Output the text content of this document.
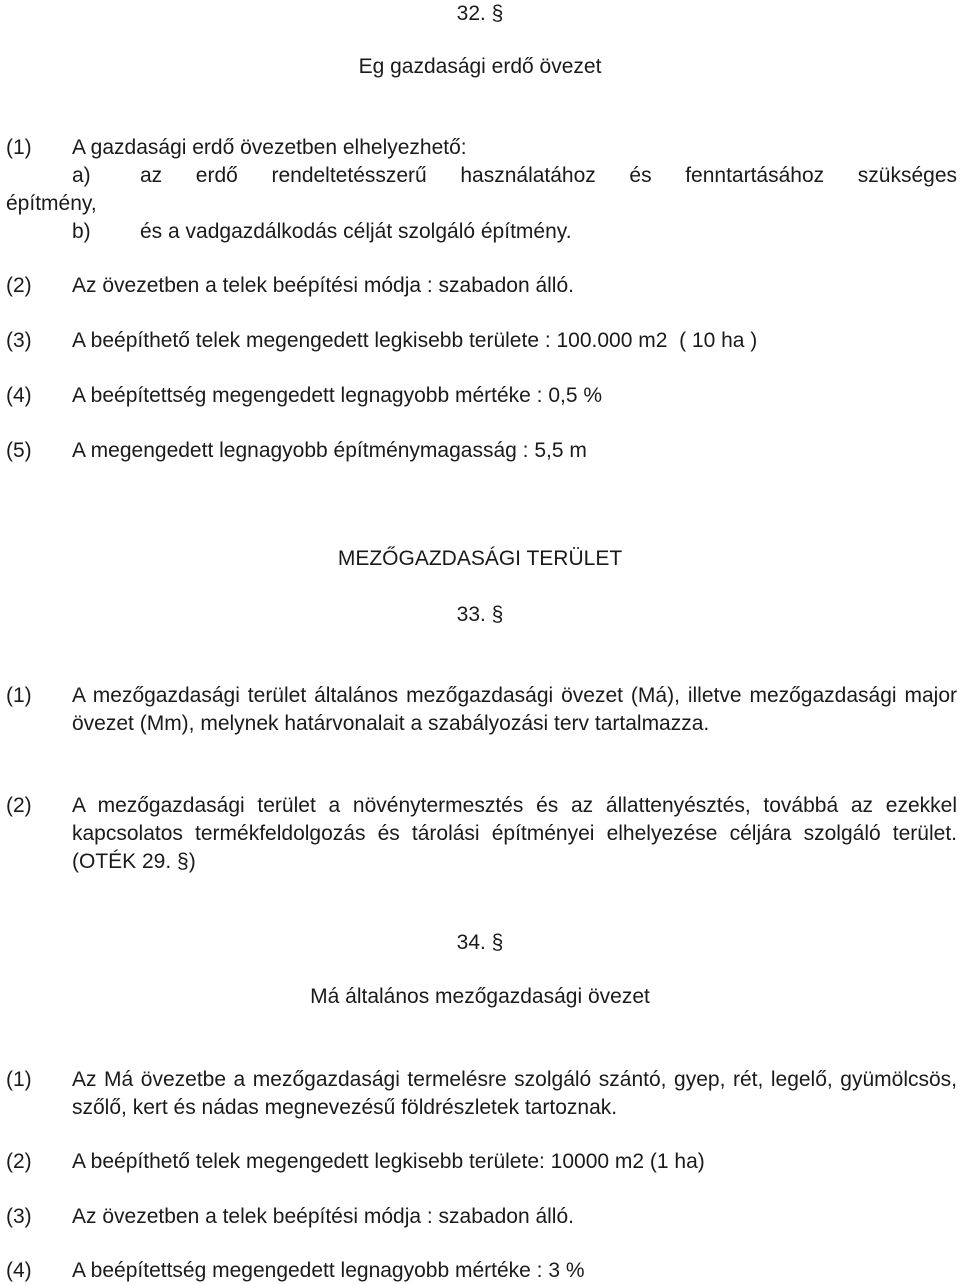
32. §
Eg gazdasági erdő övezet
(1) A gazdasági erdő övezetben elhelyezhető:
a) az erdő rendeltetésszerű használatához és fenntartásához szükséges
építmény,
b) és a vadgazdálkodás célját szolgáló építmény.
(2) Az övezetben a telek beépítési módja : szabadon álló.
(3) A beépíthető telek megengedett legkisebb területe : 100.000 m2  ( 10 ha )
(4) A beépítettség megengedett legnagyobb mértéke : 0,5 %
(5) A megengedett legnagyobb építménymagasság : 5,5 m
MEZŐGAZDASÁGI TERÜLET
33. §
(1) A mezőgazdasági terület általános mezőgazdasági övezet (Má), illetve mezőgazdasági major övezet (Mm), melynek határvonalait a szabályozási terv tartalmazza.
(2) A mezőgazdasági terület a növénytermesztés és az állattenyésztés, továbbá az ezekkel kapcsolatos termékfeldolgozás és tárolási építményei elhelyezése céljára szolgáló terület. (OTÉK 29. §)
34. §
Má általános mezőgazdasági övezet
(1) Az Má övezetbe a mezőgazdasági termelésre szolgáló szántó, gyep, rét, legelő, gyümölcsös, szőlő, kert és nádas megnevezésű földrészletek tartoznak.
(2) A beépíthető telek megengedett legkisebb területe: 10000 m2 (1 ha)
(3) Az övezetben a telek beépítési módja : szabadon álló.
(4) A beépítettség megengedett legnagyobb mértéke : 3 %
